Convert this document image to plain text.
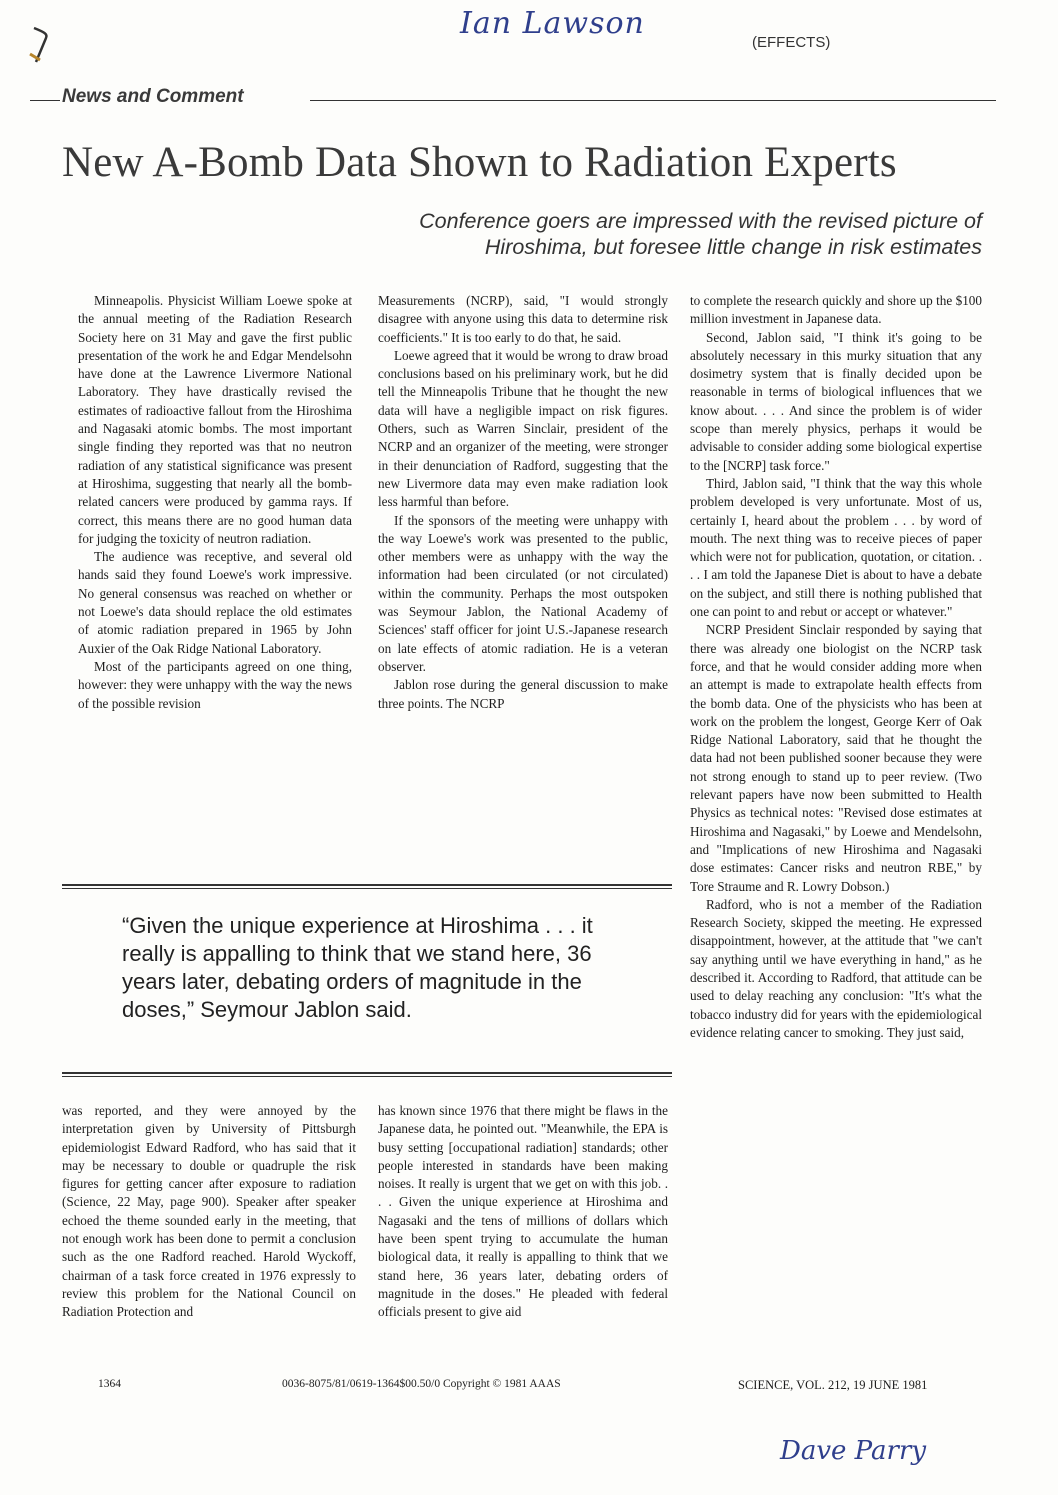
Ian Lawson
(EFFECTS)
News and Comment
New A-Bomb Data Shown to Radiation Experts
Conference goers are impressed with the revised picture of
Hiroshima, but foresee little change in risk estimates

Minneapolis. Physicist William Loewe spoke at the annual meeting of the Radiation Research Society here on 31 May and gave the first public presentation of the work he and Edgar Mendelsohn have done at the Lawrence Livermore National Laboratory. They have drastically revised the estimates of radioactive fallout from the Hiroshima and Nagasaki atomic bombs. The most important single finding they reported was that no neutron radiation of any statistical significance was present at Hiroshima, suggesting that nearly all the bomb-related cancers were produced by gamma rays. If correct, this means there are no good human data for judging the toxicity of neutron radiation.

The audience was receptive, and several old hands said they found Loewe's work impressive. No general consensus was reached on whether or not Loewe's data should replace the old estimates of atomic radiation prepared in 1965 by John Auxier of the Oak Ridge National Laboratory.

Most of the participants agreed on one thing, however: they were unhappy with the way the news of the possible revision

Measurements (NCRP), said, "I would strongly disagree with anyone using this data to determine risk coefficients." It is too early to do that, he said.

Loewe agreed that it would be wrong to draw broad conclusions based on his preliminary work, but he did tell the Minneapolis Tribune that he thought the new data will have a negligible impact on risk figures. Others, such as Warren Sinclair, president of the NCRP and an organizer of the meeting, were stronger in their denunciation of Radford, suggesting that the new Livermore data may even make radiation look less harmful than before.

If the sponsors of the meeting were unhappy with the way Loewe's work was presented to the public, other members were as unhappy with the way the information had been circulated (or not circulated) within the community. Perhaps the most outspoken was Seymour Jablon, the National Academy of Sciences' staff officer for joint U.S.-Japanese research on late effects of atomic radiation. He is a veteran observer.

Jablon rose during the general discussion to make three points. The NCRP

to complete the research quickly and shore up the $100 million investment in Japanese data.

Second, Jablon said, "I think it's going to be absolutely necessary in this murky situation that any dosimetry system that is finally decided upon be reasonable in terms of biological influences that we know about. . . . And since the problem is of wider scope than merely physics, perhaps it would be advisable to consider adding some biological expertise to the [NCRP] task force."

Third, Jablon said, "I think that the way this whole problem developed is very unfortunate. Most of us, certainly I, heard about the problem . . . by word of mouth. The next thing was to receive pieces of paper which were not for publication, quotation, or citation. . . . I am told the Japanese Diet is about to have a debate on the subject, and still there is nothing published that one can point to and rebut or accept or whatever."

NCRP President Sinclair responded by saying that there was already one biologist on the NCRP task force, and that he would consider adding more when an attempt is made to extrapolate health effects from the bomb data. One of the physicists who has been at work on the problem the longest, George Kerr of Oak Ridge National Laboratory, said that he thought the data had not been published sooner because they were not strong enough to stand up to peer review. (Two relevant papers have now been submitted to Health Physics as technical notes: "Revised dose estimates at Hiroshima and Nagasaki," by Loewe and Mendelsohn, and "Implications of new Hiroshima and Nagasaki dose estimates: Cancer risks and neutron RBE," by Tore Straume and R. Lowry Dobson.)

Radford, who is not a member of the Radiation Research Society, skipped the meeting. He expressed disappointment, however, at the attitude that "we can't say anything until we have everything in hand," as he described it. According to Radford, that attitude can be used to delay reaching any conclusion: "It's what the tobacco industry did for years with the epidemiological evidence relating cancer to smoking. They just said,

“Given the unique experience at Hiroshima . . . it really is appalling to think that we stand here, 36 years later, debating orders of magnitude in the doses,” Seymour Jablon said.

was reported, and they were annoyed by the interpretation given by University of Pittsburgh epidemiologist Edward Radford, who has said that it may be necessary to double or quadruple the risk figures for getting cancer after exposure to radiation (Science, 22 May, page 900). Speaker after speaker echoed the theme sounded early in the meeting, that not enough work has been done to permit a conclusion such as the one Radford reached. Harold Wyckoff, chairman of a task force created in 1976 expressly to review this problem for the National Council on Radiation Protection and

has known since 1976 that there might be flaws in the Japanese data, he pointed out. "Meanwhile, the EPA is busy setting [occupational radiation] standards; other people interested in standards have been making noises. It really is urgent that we get on with this job. . . . Given the unique experience at Hiroshima and Nagasaki and the tens of millions of dollars which have been spent trying to accumulate the human biological data, it really is appalling to think that we stand here, 36 years later, debating orders of magnitude in the doses." He pleaded with federal officials present to give aid

1364	0036-8075/81/0619-1364$00.50/0 Copyright © 1981 AAAS	SCIENCE, VOL. 212, 19 JUNE 1981
Dave Parry
